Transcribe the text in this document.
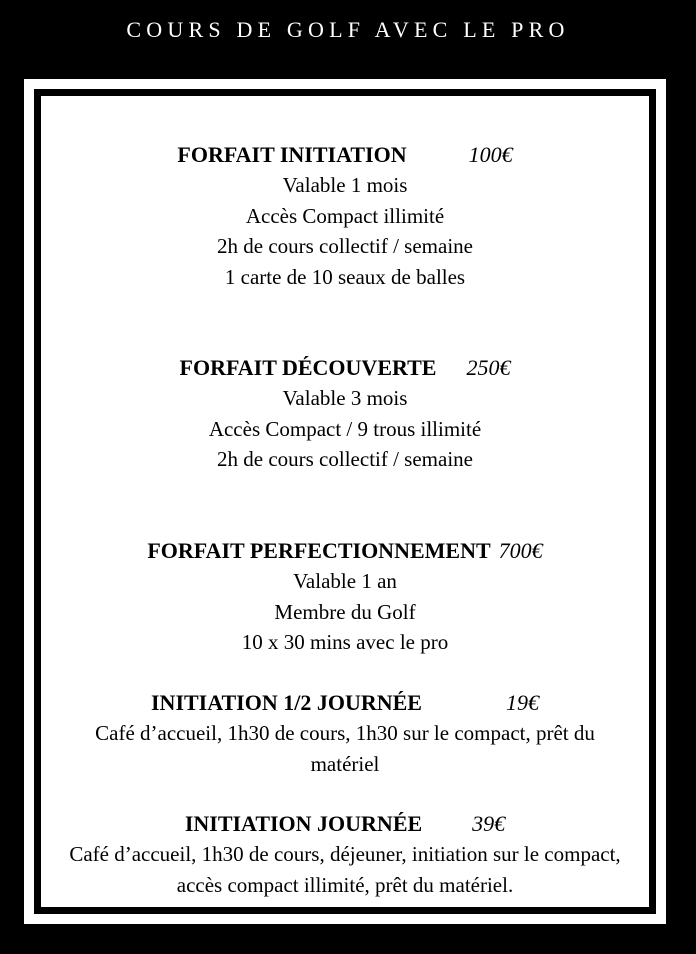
COURS DE GOLF AVEC LE PRO
FORFAIT INITIATION	100€
Valable 1 mois
Accès Compact illimité
2h de cours collectif / semaine
1 carte de 10 seaux de balles
FORFAIT DÉCOUVERTE 250€
Valable 3 mois
Accès Compact / 9 trous illimité
2h de cours collectif / semaine
FORFAIT PERFECTIONNEMENT 700€
Valable 1 an
Membre du Golf
10 x 30 mins avec le pro
INITIATION 1/2 JOURNÉE	19€
Café d’accueil, 1h30 de cours, 1h30 sur le compact, prêt du matériel
INITIATION JOURNÉE 39€
Café d’accueil, 1h30 de cours, déjeuner, initiation sur le compact, accès compact illimité, prêt du matériel.
